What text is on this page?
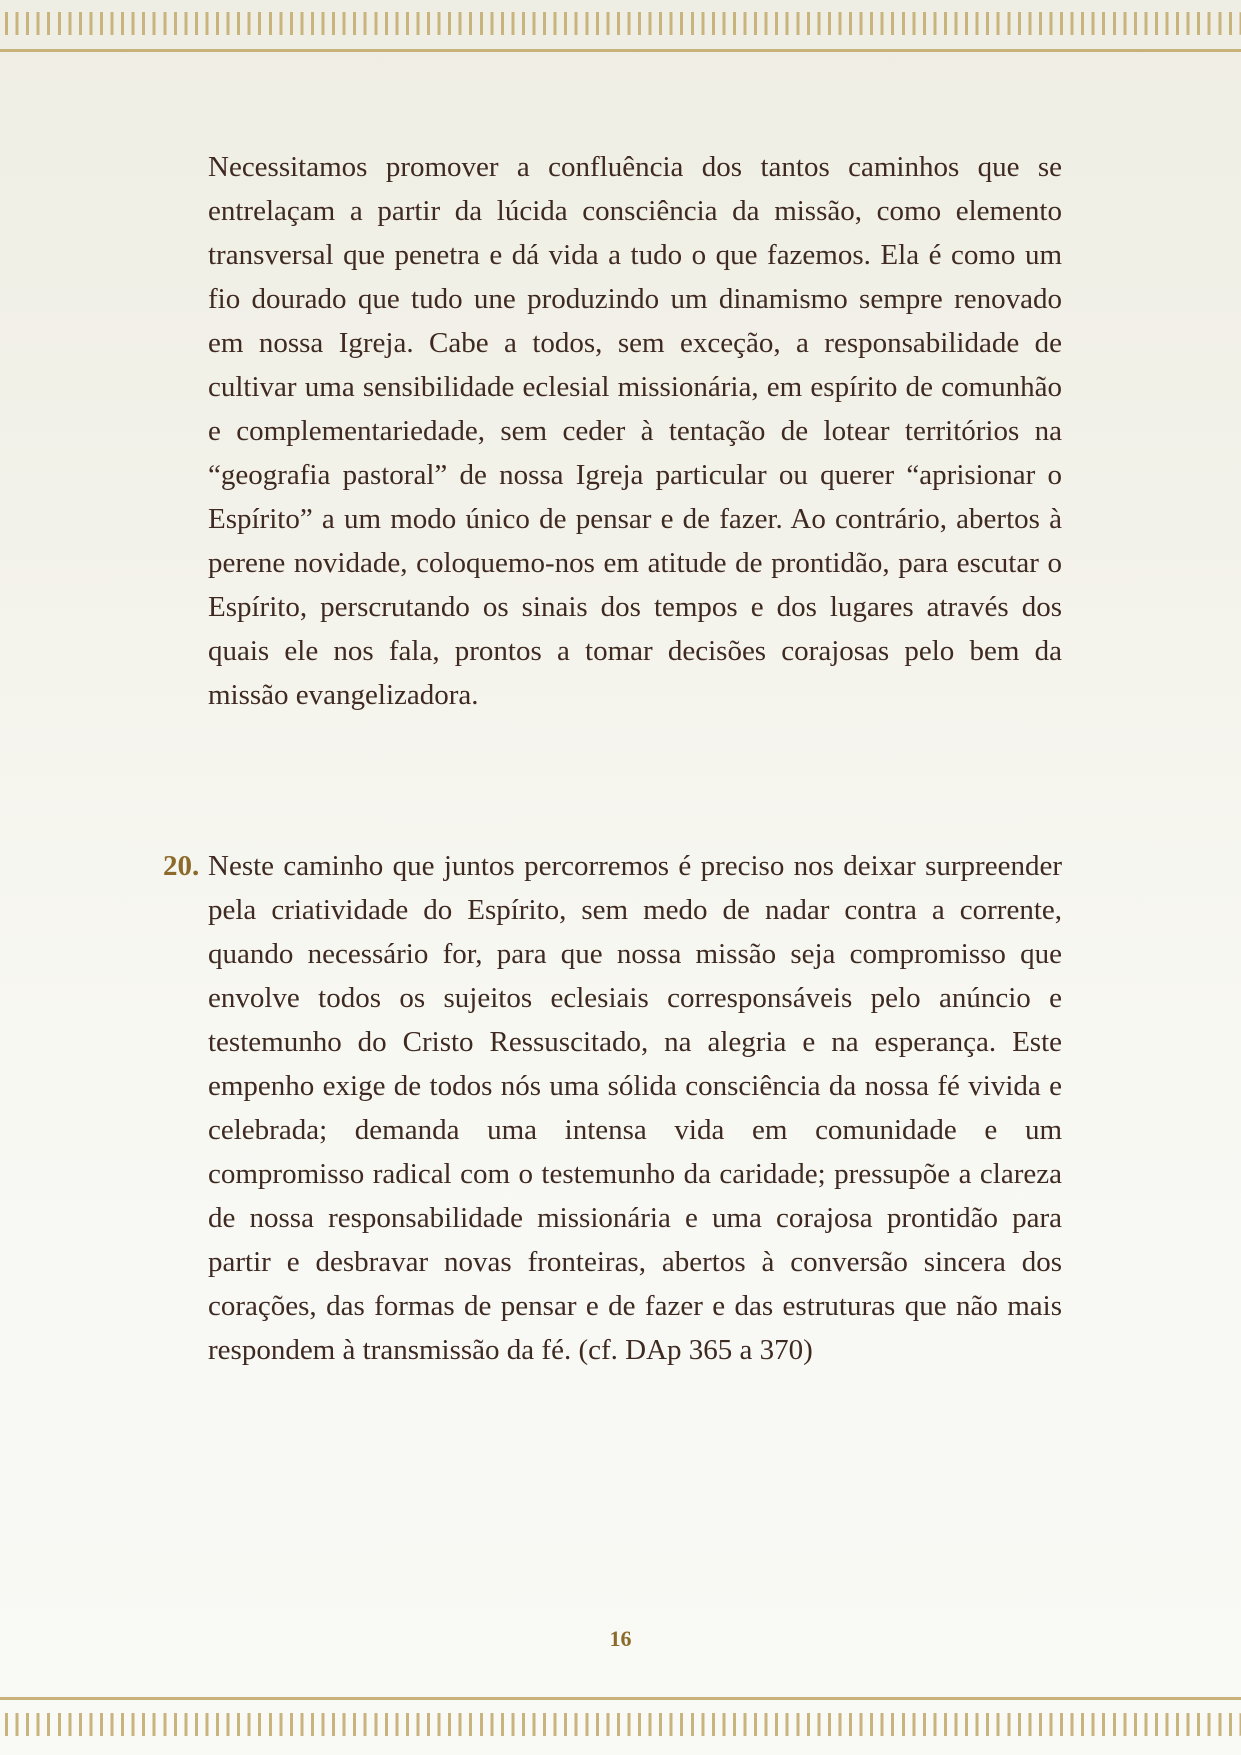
Necessitamos promover a confluência dos tantos caminhos que se entrelaçam a partir da lúcida consciência da missão, como elemento transversal que penetra e dá vida a tudo o que fazemos. Ela é como um fio dourado que tudo une produzindo um dinamismo sempre renovado em nossa Igreja. Cabe a todos, sem exceção, a responsabilidade de cultivar uma sensibilidade eclesial missionária, em espírito de comunhão e complementariedade, sem ceder à tentação de lotear territórios na “geografia pastoral” de nossa Igreja particular ou querer “aprisionar o Espírito” a um modo único de pensar e de fazer. Ao contrário, abertos à perene novidade, coloquemo-nos em atitude de prontidão, para escutar o Espírito, perscrutando os sinais dos tempos e dos lugares através dos quais ele nos fala, prontos a tomar decisões corajosas pelo bem da missão evangelizadora.

20. Neste caminho que juntos percorremos é preciso nos deixar surpreender pela criatividade do Espírito, sem medo de nadar contra a corrente, quando necessário for, para que nossa missão seja compromisso que envolve todos os sujeitos eclesiais corresponsáveis pelo anúncio e testemunho do Cristo Ressuscitado, na alegria e na esperança. Este empenho exige de todos nós uma sólida consciência da nossa fé vivida e celebrada; demanda uma intensa vida em comunidade e um compromisso radical com o testemunho da caridade; pressupõe a clareza de nossa responsabilidade missionária e uma corajosa prontidão para partir e desbravar novas fronteiras, abertos à conversão sincera dos corações, das formas de pensar e de fazer e das estruturas que não mais respondem à transmissão da fé. (cf. DAp 365 a 370)

16
